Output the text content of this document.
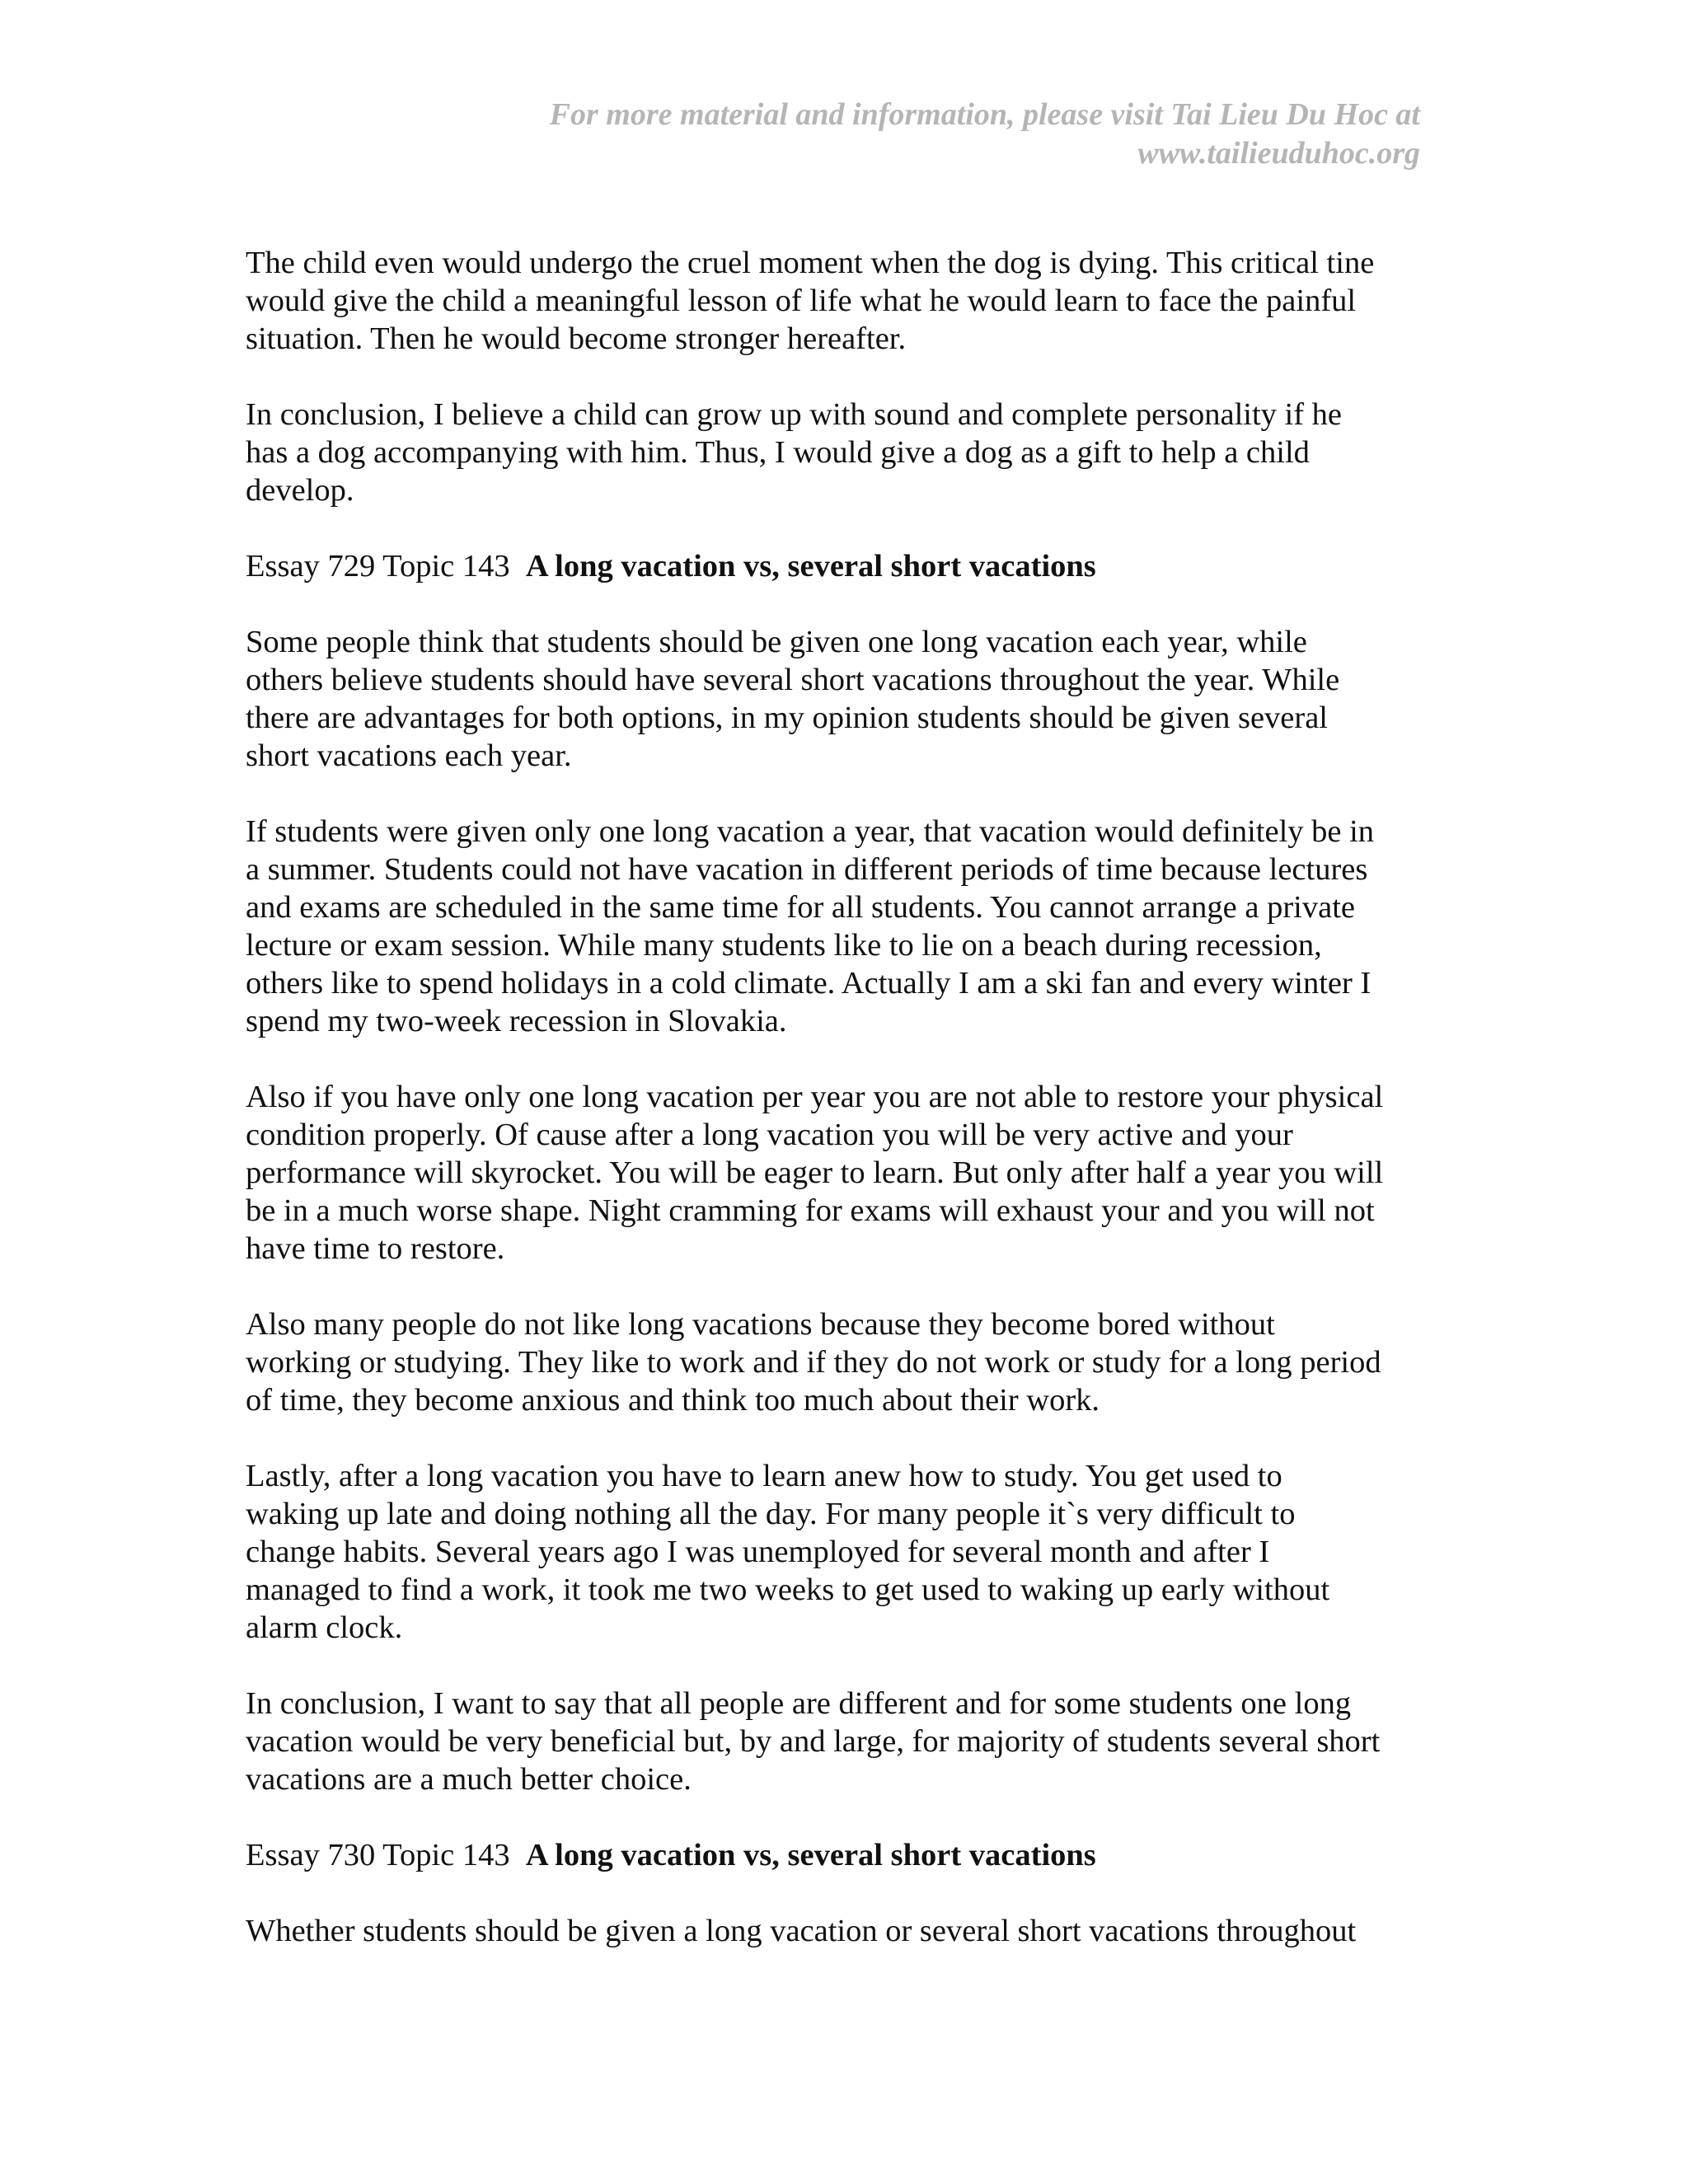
For more material and information, please visit Tai Lieu Du Hoc at
www.tailieuduhoc.org

The child even would undergo the cruel moment when the dog is dying. This critical tine
would give the child a meaningful lesson of life what he would learn to face the painful
situation. Then he would become stronger hereafter.

In conclusion, I believe a child can grow up with sound and complete personality if he
has a dog accompanying with him. Thus, I would give a dog as a gift to help a child
develop.

Essay 729 Topic 143 A long vacation vs, several short vacations

Some people think that students should be given one long vacation each year, while
others believe students should have several short vacations throughout the year. While
there are advantages for both options, in my opinion students should be given several
short vacations each year.

If students were given only one long vacation a year, that vacation would definitely be in
a summer. Students could not have vacation in different periods of time because lectures
and exams are scheduled in the same time for all students. You cannot arrange a private
lecture or exam session. While many students like to lie on a beach during recession,
others like to spend holidays in a cold climate. Actually I am a ski fan and every winter I
spend my two-week recession in Slovakia.

Also if you have only one long vacation per year you are not able to restore your physical
condition properly. Of cause after a long vacation you will be very active and your
performance will skyrocket. You will be eager to learn. But only after half a year you will
be in a much worse shape. Night cramming for exams will exhaust your and you will not
have time to restore.

Also many people do not like long vacations because they become bored without
working or studying. They like to work and if they do not work or study for a long period
of time, they become anxious and think too much about their work.

Lastly, after a long vacation you have to learn anew how to study. You get used to
waking up late and doing nothing all the day. For many people it`s very difficult to
change habits. Several years ago I was unemployed for several month and after I
managed to find a work, it took me two weeks to get used to waking up early without
alarm clock.

In conclusion, I want to say that all people are different and for some students one long
vacation would be very beneficial but, by and large, for majority of students several short
vacations are a much better choice.

Essay 730 Topic 143 A long vacation vs, several short vacations

Whether students should be given a long vacation or several short vacations throughout
